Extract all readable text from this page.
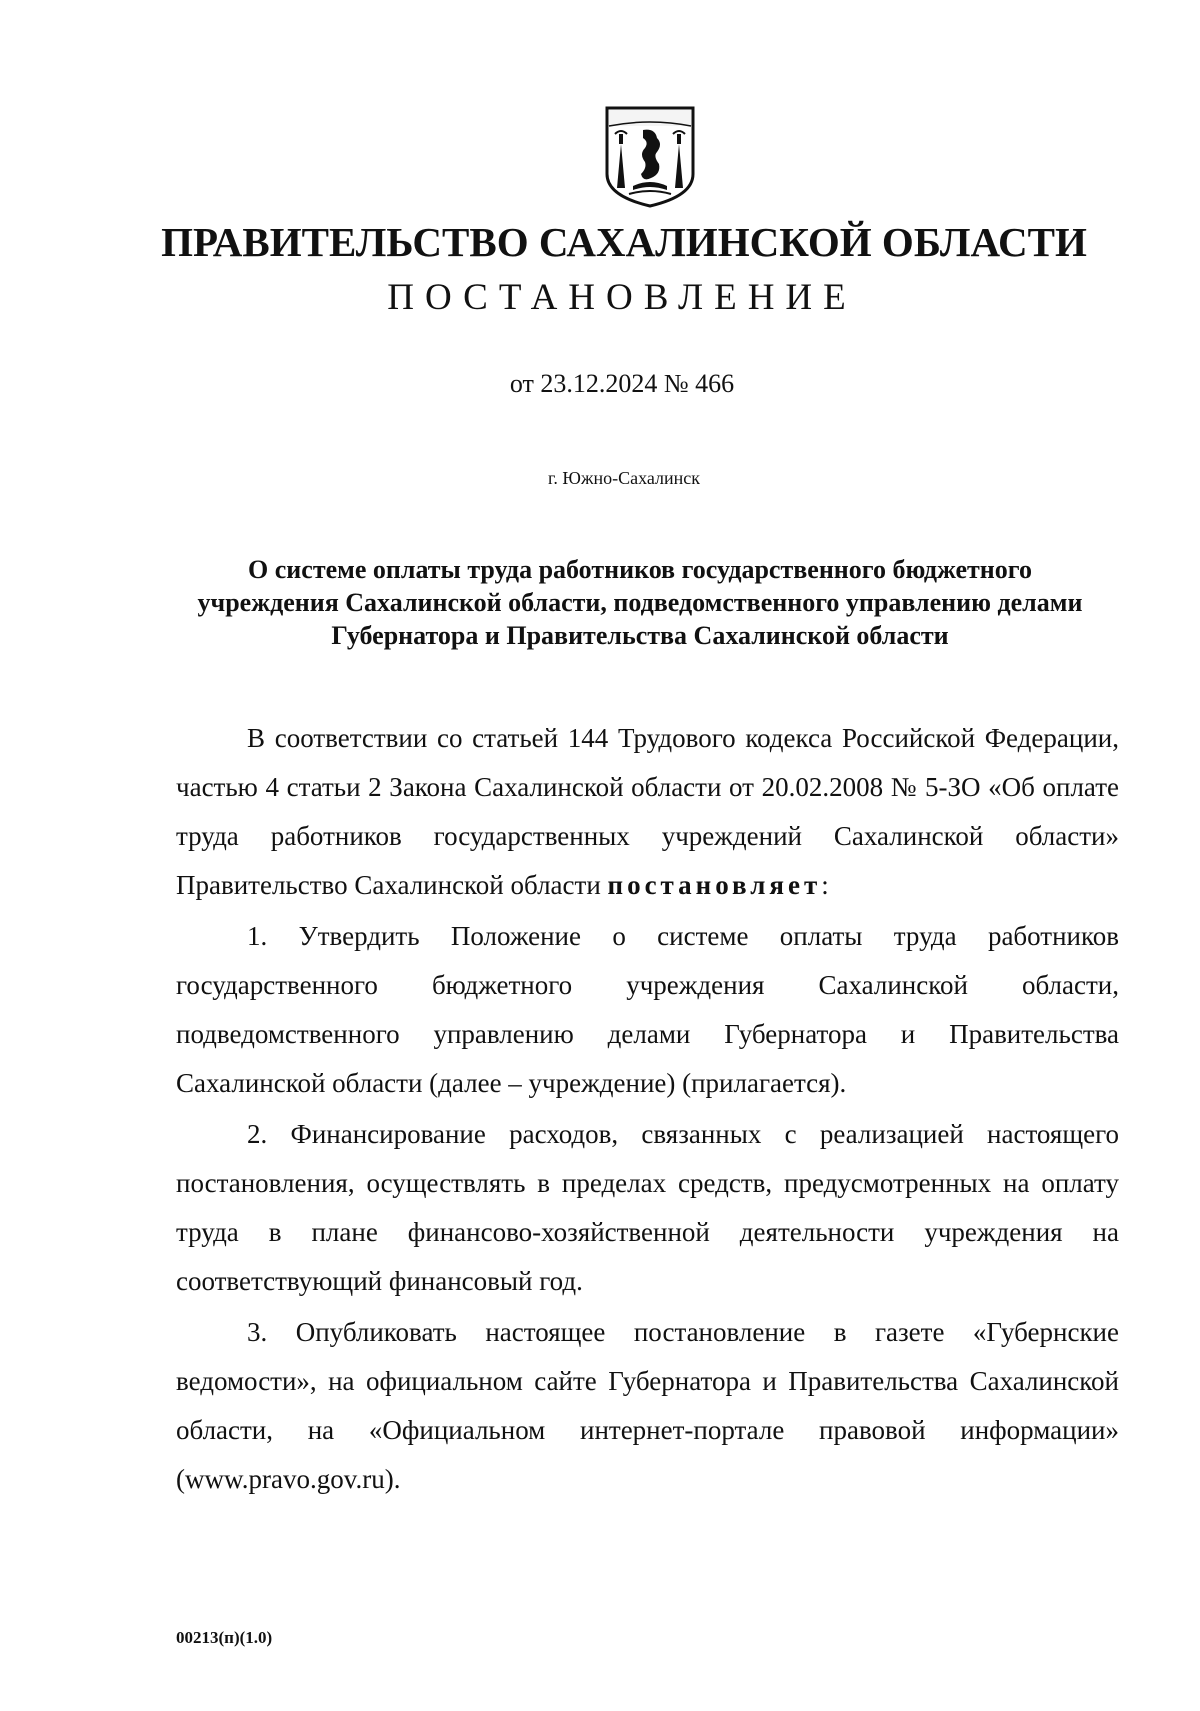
ПРАВИТЕЛЬСТВО САХАЛИНСКОЙ ОБЛАСТИ
ПОСТАНОВЛЕНИЕ
от 23.12.2024 № 466
г. Южно-Сахалинск
О системе оплаты труда работников государственного бюджетного учреждения Сахалинской области, подведомственного управлению делами Губернатора и Правительства Сахалинской области

В соответствии со статьей 144 Трудового кодекса Российской Федерации, частью 4 статьи 2 Закона Сахалинской области от 20.02.2008 № 5-ЗО «Об оплате труда работников государственных учреждений Сахалинской области» Правительство Сахалинской области постановляет:

1. Утвердить Положение о системе оплаты труда работников государственного бюджетного учреждения Сахалинской области, подведомственного управлению делами Губернатора и Правительства Сахалинской области (далее – учреждение) (прилагается).

2. Финансирование расходов, связанных с реализацией настоящего постановления, осуществлять в пределах средств, предусмотренных на оплату труда в плане финансово-хозяйственной деятельности учреждения на соответствующий финансовый год.

3. Опубликовать настоящее постановление в газете «Губернские ведомости», на официальном сайте Губернатора и Правительства Сахалинской области, на «Официальном интернет-портале правовой информации» (www.pravo.gov.ru).

00213(п)(1.0)
